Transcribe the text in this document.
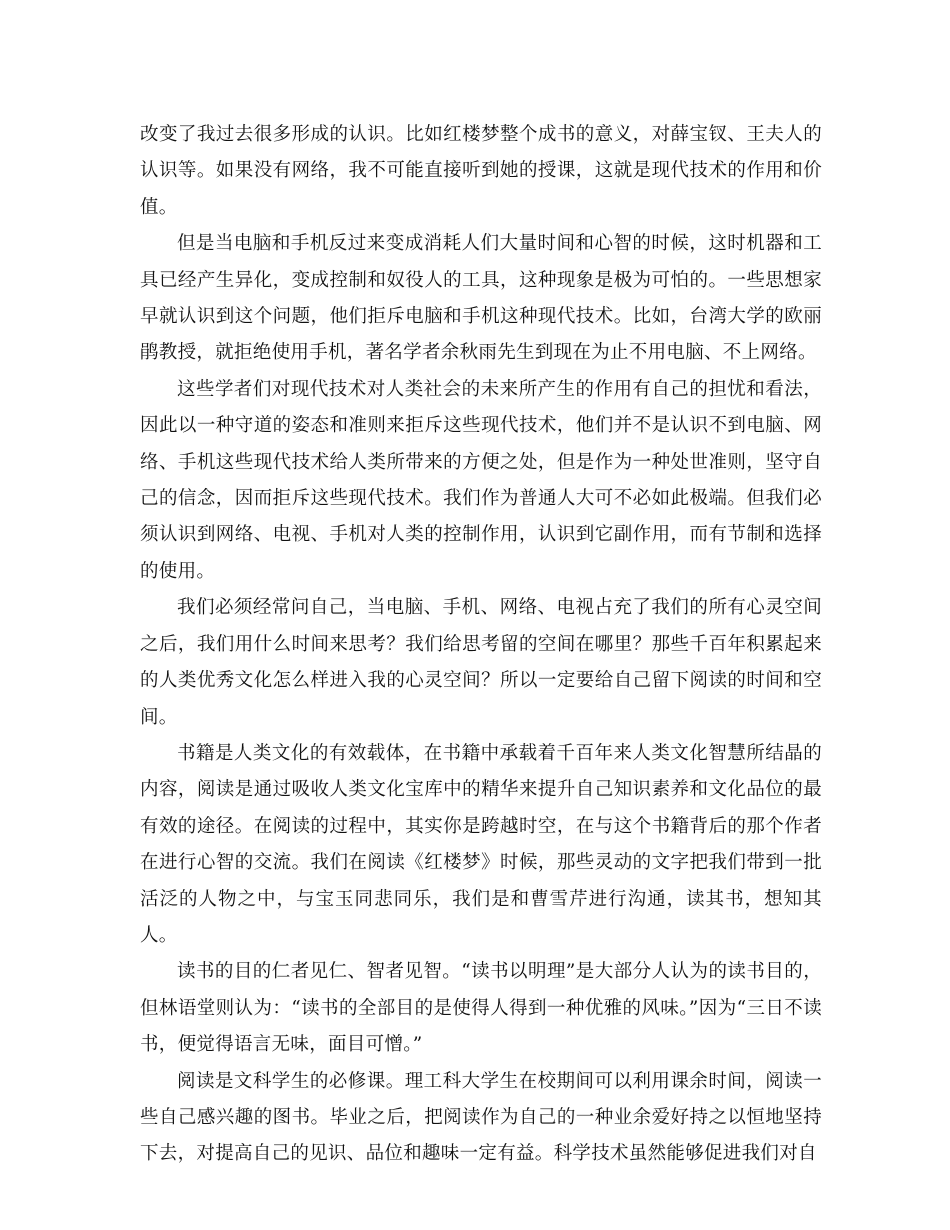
改变了我过去很多形成的认识。比如红楼梦整个成书的意义，对薛宝钗、王夫人的认识等。如果没有网络，我不可能直接听到她的授课，这就是现代技术的作用和价值。

但是当电脑和手机反过来变成消耗人们大量时间和心智的时候，这时机器和工具已经产生异化，变成控制和奴役人的工具，这种现象是极为可怕的。一些思想家早就认识到这个问题，他们拒斥电脑和手机这种现代技术。比如，台湾大学的欧丽鹃教授，就拒绝使用手机，著名学者余秋雨先生到现在为止不用电脑、不上网络。

这些学者们对现代技术对人类社会的未来所产生的作用有自己的担忧和看法，因此以一种守道的姿态和准则来拒斥这些现代技术，他们并不是认识不到电脑、网络、手机这些现代技术给人类所带来的方便之处，但是作为一种处世准则，坚守自己的信念，因而拒斥这些现代技术。我们作为普通人大可不必如此极端。但我们必须认识到网络、电视、手机对人类的控制作用，认识到它副作用，而有节制和选择的使用。

我们必须经常问自己，当电脑、手机、网络、电视占充了我们的所有心灵空间之后，我们用什么时间来思考？我们给思考留的空间在哪里？那些千百年积累起来的人类优秀文化怎么样进入我的心灵空间？所以一定要给自己留下阅读的时间和空间。

书籍是人类文化的有效载体，在书籍中承载着千百年来人类文化智慧所结晶的内容，阅读是通过吸收人类文化宝库中的精华来提升自己知识素养和文化品位的最有效的途径。在阅读的过程中，其实你是跨越时空，在与这个书籍背后的那个作者在进行心智的交流。我们在阅读《红楼梦》时候，那些灵动的文字把我们带到一批活泛的人物之中，与宝玉同悲同乐，我们是和曹雪芹进行沟通，读其书，想知其人。

读书的目的仁者见仁、智者见智。“读书以明理”是大部分人认为的读书目的，但林语堂则认为：“读书的全部目的是使得人得到一种优雅的风味。”因为“三日不读书，便觉得语言无味，面目可憎。”

阅读是文科学生的必修课。理工科大学生在校期间可以利用课余时间，阅读一些自己感兴趣的图书。毕业之后，把阅读作为自己的一种业余爱好持之以恒地坚持下去，对提高自己的见识、品位和趣味一定有益。科学技术虽然能够促进我们对自
